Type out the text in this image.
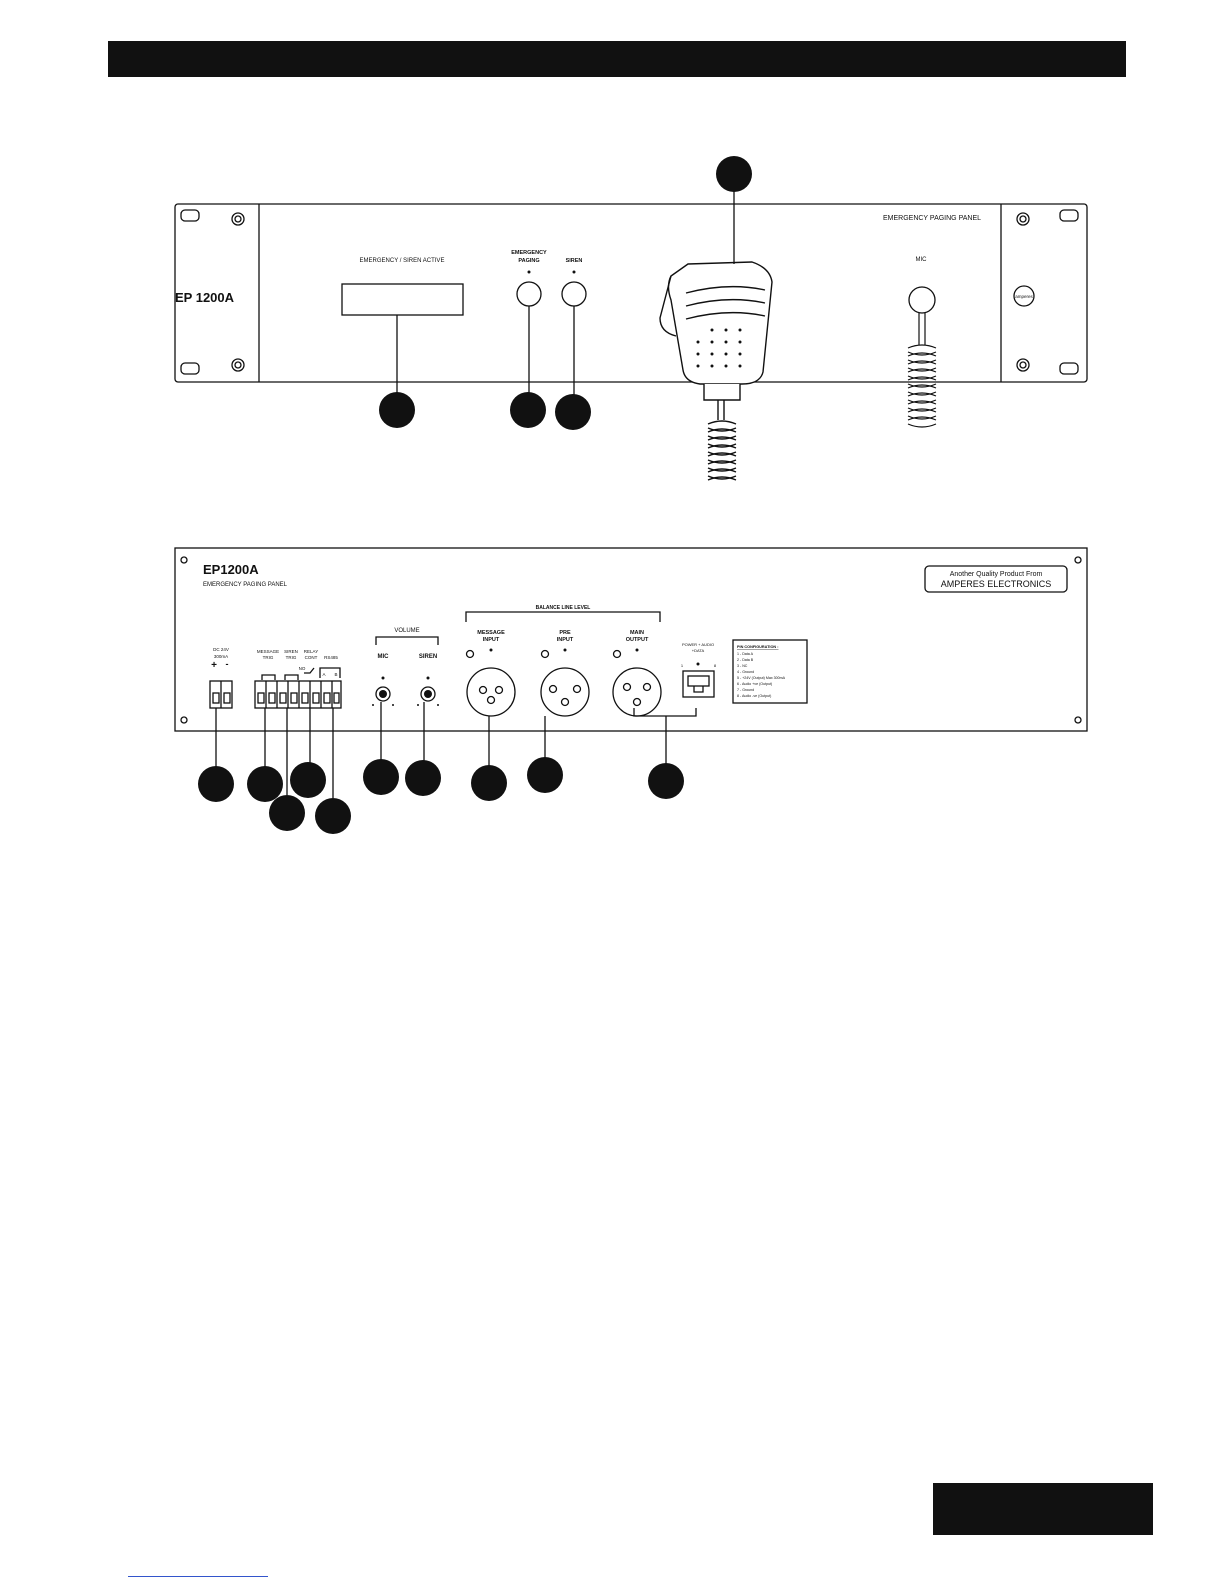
EP 1200A
EMERGENCY / SIREN ACTIVE
EMERGENCY
PAGING	SIREN
EMERGENCY PAGING PANEL
MIC
amperes
EP1200A
EMERGENCY PAGING PANEL
Another Quality Product From
AMPERES ELECTRONICS
DC 24V
300mA
+ -
MESSAGE
TRIG
SIREN
TRIG
RELAY
CONT
NO
RS485
A B
VOLUME
MIC	SIREN
BALANCE LINE LEVEL
MESSAGE
INPUT
PRE
INPUT
MAIN
OUTPUT
POWER + AUDIO
+DATA
1	8
PIN CONFIGURATION :
1 - Data A
2 - Data B
3 - NC
4 - Ground
5 - +24V (Output) Max 300mA
6 - Audio +ve (Output)
7 - Ground
8 - Audio -ve (Output)
